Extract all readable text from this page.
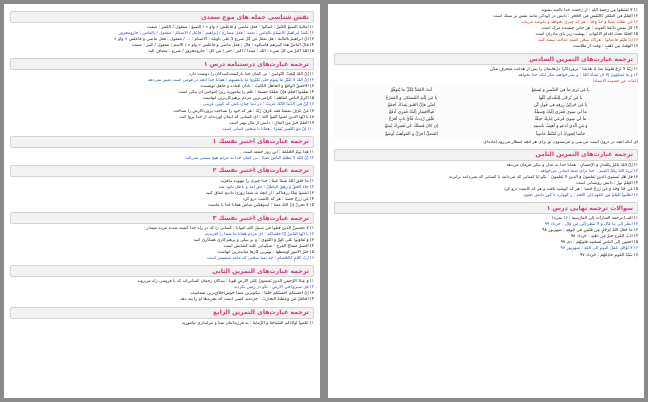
۱) لا تَقنَطوا مِن رَحمةِ اللّهِ : از رحمت خدا ناامید نشوید
۲) العِلمُ في الصِّغَرِ كالنَّقشِ في الحَجَرِ : دانش در کودکی مانند نقش بر سنگ است
۳) مَن طَلَبَ شيئاً وَ جَدَّ وَجَدَ : هر که چیزی بخواهد و بکوشد می‌یابد
۴) كُلُّ نفسٍ ذائقةُ الموتِ : هر جانی چشنده مرگ است
۵) الجنّةُ تحتَ أقدامِ الأمّهاتِ : بهشت زیر پای مادران است
۶) إذا قُلتُم فاعدِلوا : هرگاه سخن گفتید عدالت پیشه کنید
۷) الوَقتُ مِن ذَهَبٍ : وقت از طلاست
ترجمه عبارت‌های التمرين السادس
۱) رَبَّنا لا تُزِغ قُلوبَنا بعدَ إذ هَدَيتَنا : پروردگارا دل‌هایمان را پس از هدایت منحرف مکن
۲) و ما تَشاؤونَ إلّا أن يَشاءَ اللّهُ : و نمی‌خواهید مگر آنکه خدا بخواهد
(أبيات من قصيدة الأستاذ)
يا مَن يَرى ما في الضَّميرِ و يَسمَعُ
أنتَ المُعَدُّ لِكُلِّ ما يُتَوَقَّعُ
يا مَن يُرجّى لِلشَّدائِدِ كُلِّها
يا مَن إلَيهِ المُشتَكى و المَفزَعُ
يا مَن خَزائِنُ رِزقِهِ في قَولِ كُن
أمنُن فإنَّ الخَيرَ عِندَكَ أجمَعُ
ما لي سِوى فَقري إلَيكَ وَسيلَةٌ
فَبِالافتِقارِ إلَيكَ فَقري أدفَعُ
ما لي سِوى قَرعي لِبابِكَ حيلَةٌ
فَلَئِن رُدِدتُ فَأيَّ بابٍ أقرَعُ
و مَنِ الَّذي أدعو و أهتِفُ باسمِهِ
إن كانَ فَضلُكَ عَن فَقيرِكَ يُمنَعُ
حاشا لِجودِكَ أن تُقَنِّطَ عاصِياً
الفَضلُ أجزَلُ و المَواهِبُ أوسَعُ
ای آنکه آنچه در درون است می‌بینی و می‌شنوی، تو برای هر آنچه انتظار می‌رود آماده‌ای
ترجمه عبارت‌های التمرين الثامن
۱) إنَّ اللّهَ يَأمُرُ بِالعَدلِ وَ الإحسانِ : همانا خدا به عدل و نیکی فرمان می‌دهد
۲) يُريدُ اللّهُ بِكُمُ اليُسرَ : خدا برای شما آسانی می‌خواهد
۳) قُل هَل يَستَوي الّذينَ يَعلَمونَ وَ الّذينَ لا يَعلَمونَ : بگو آیا کسانی که می‌دانند با کسانی که نمی‌دانند برابرند
۴) العِلمُ نورٌ : دانش روشنایی است
۵) مَن جَدَّ وَجَدَ وَ مَن زَرَعَ حَصَدَ : هر که کوشید یافت و هر که کاشت درو کرد
۶) أطلُبوا العِلمَ مِنَ المَهدِ إلى اللَّحدِ : ز گهواره تا گور دانش بجوی
سوالات ترجمه نهایی درس ۱
۱) الف) ترجمه العبارات إلى الفارسية : (۱ نمره)
۲) اُنظُر إلى ما قال و لا تَنظُر إلى مَن قال : خرداد ۹۹
۳) ما جَعَلَ اللّهُ لِرَجُلٍ مِن قَلبَينِ في جَوفِهِ : شهریور ۹۸
۴) أدَبُ المَرءِ خيرٌ مِن ذَهَبِهِ : خرداد ۹۸
۵) أحسِن إلى الناسِ تَستَعبِد قُلوبَهُم : دی ۹۷
۶) لا تُؤَجِّل عَمَلَ اليومِ إلى الغَدِ : شهریور ۹۷
۷) سَيِّدُ القَومِ خادِمُهُم : خرداد ۹۷
نقش شناسی جمله های موج سعدی
۱) أماليهٌ الصنعُ الكثيرُ : أسألوا : فعل ماضي و فاعلش « واو » / الصنعَ : مفعول / الكثيرَ : صفت
۲) يَعْمَدُ إبراهيمُ الأصنامَ بالفأسِ : يعمد : فعل مضارع / إبراهيم : فاعل / الأصنامَ : مفعول / بالفأس : جارومجرور
۳) أنَّ ابراهيمَ بالتالية : هل تعلمُ عن كلِّ شيءٍ لا على تأويله : الأصنام : ... / مفعول : فعل ماضي و فاعلش « واو »
۴) قالَ الناسُ هذا كبيرهم فأسألوه : قالَ : فعل ماضي و فاعلش « واو » / الأسم : مفعول / كبير : صفت
۵) اللّهُ أكبرُ من كلِّ شيء : الله : مبتدا / أكبر : خبر / من كلِّ : جارومجرور / شيءٍ : مضاف اليه
ترجمه عبارت‌های درستنامه درس ۱
۱) إنَّ اللّهَ لَيُحِبُّ التَّوابينَ : بی گمان خدا بازگشت‌کنندگان را دوست دارد
۲) إنَّ اللّهَ لا يُغَيِّرُ ما بِقومٍ حتّى يُغَيِّروا ما بأنفُسِهِم : همانا خدا آنچه در قومی است تغییر نمی‌دهد
۳) الأحمقُ الواقعُ و الجاهلُ الكاتبُ : نادان افتاده و جاهل نویسنده
۴) تعلّموا العلمَ فإنَّ تعلُّمَهُ حسنةٌ : علم را بیاموزید زیرا آموختن آن نیکی است
۵) أكرمُ الناسِ أتقاهُم : گرامی‌ترین مردم پرهیزکارترین آنهاست
۶) كُنْ في الدُّنيا كأنّكَ غريبٌ : در دنیا چنان باش که گویی غریبی
۷) مَنْ عَرَفَ نفسَهُ فقد عَرَفَ رَبَّهُ : هر که خود را شناخت پروردگارش را شناخت
۸) يا أيُّها الّذينَ آمنوا اتَّقوا اللّهَ : ای کسانی که ایمان آورده‌اید از خدا پروا کنید
۹) العلمُ خيرٌ مِنَ المالِ : دانش از مال بهتر است
۱۰) إنَّ معَ العُسرِ يُسراً : همانا با سختی آسانی است
ترجمه عبارت‌های اختبر نفسك ۱
۱) هٰذا يَومُ الجُمُعَة : این روز جمعه است
۲) إنَّ اللّهَ لا يَظلِمُ الناسَ شيئاً : بی گمان خدا به مردم هیچ ستمی نمی‌کند
ترجمه عبارت‌های اختبر نفسك ۲
۱) ما خلقَ اللّهُ شيئاً عبثاً : خدا چیزی را بیهوده نیافرید
۲) جاءَ الحقُّ و زهقَ الباطلُ : حق آمد و باطل نابود شد
۳) أنفقوا مِمّا رزقناكُم : از آنچه به شما روزی دادیم انفاق کنید
۴) مَن زرعَ حصدَ : هر که کاشت درو کرد
۵) لا تحزنْ إنَّ اللّهَ معنا : اندوهگین مباش همانا خدا با ماست
ترجمه عبارت‌های اختبر نفسك ۳
۱) لا تحسبنَّ الّذينَ قُتلوا في سبيلِ اللّهِ أمواتاً : کسانی را که در راه خدا کشته شدند مرده مپندار
۲) يا أيُّها الناسُ إنّا خلقناكُم : ای مردم همانا ما شما را آفریدیم
۳) وَ تَعاوَنوا عَلَى البِرِّ وَ التَّقوى : و بر نیکی و پرهیزگاری همکاری کنید
۴) الصبرُ مفتاحُ الفرجِ : شکیبایی کلید گشایش است
۵) خيرُ الأمورِ أوسطُها : بهترین کارها میانه‌ترین آنهاست
۶) رُبَّ كلامٍ كالحُسامِ : چه بسا سخنی که مانند شمشیر است
ترجمه عبارت‌های التمرين الثاني
۱) وَ عِبادُ الرَّحمنِ الّذينَ يَمشونَ عَلَى الأرضِ هَوناً : بندگان رحمان کسانی‌اند که با فروتنی راه می‌روند
۲) قُل سيروا في الأرضِ : بگو در زمین بگردید
۳) إنَّ أحسنَكُم أحسنُكُم خُلقاً : نیکوترین شما خوش‌اخلاق‌ترین شماست
۴) العاقلُ مَن وَعظتهُ التجاربُ : خردمند کسی است که تجربه‌ها او را پند دهد
ترجمه عبارت‌های التمرين الرابع
۱) عَلِّموا أولادَكُم السِّباحةَ و الرِّمايةَ : به فرزندانتان شنا و تیراندازی بیاموزید
